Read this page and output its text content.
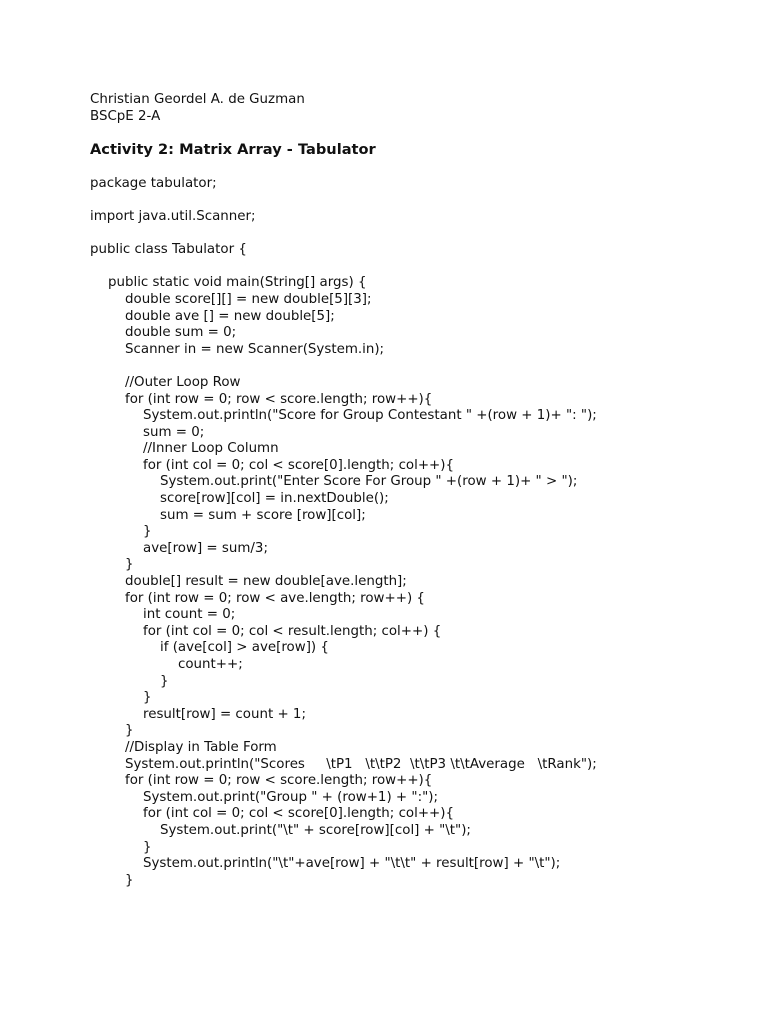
Christian Geordel A. de Guzman
BSCpE 2-A
Activity 2: Matrix Array - Tabulator
package tabulator;
import java.util.Scanner;
public class Tabulator {
public static void main(String[] args) {
double score[][] = new double[5][3];
double ave [] = new double[5];
double sum = 0;
Scanner in = new Scanner(System.in);
//Outer Loop Row
for (int row = 0; row < score.length; row++){
System.out.println("Score for Group Contestant " +(row + 1)+ ": ");
sum = 0;
//Inner Loop Column
for (int col = 0; col < score[0].length; col++){
System.out.print("Enter Score For Group " +(row + 1)+ " > ");
score[row][col] = in.nextDouble();
sum = sum + score [row][col];
}
ave[row] = sum/3;
}
double[] result = new double[ave.length];
for (int row = 0; row < ave.length; row++) {
int count = 0;
for (int col = 0; col < result.length; col++) {
if (ave[col] > ave[row]) {
count++;
}
}
result[row] = count + 1;
}
//Display in Table Form
System.out.println("Scores     \tP1   \t\tP2  \t\tP3 \t\tAverage   \tRank");
for (int row = 0; row < score.length; row++){
System.out.print("Group " + (row+1) + ":");
for (int col = 0; col < score[0].length; col++){
System.out.print("\t" + score[row][col] + "\t");
}
System.out.println("\t"+ave[row] + "\t\t" + result[row] + "\t");
}
